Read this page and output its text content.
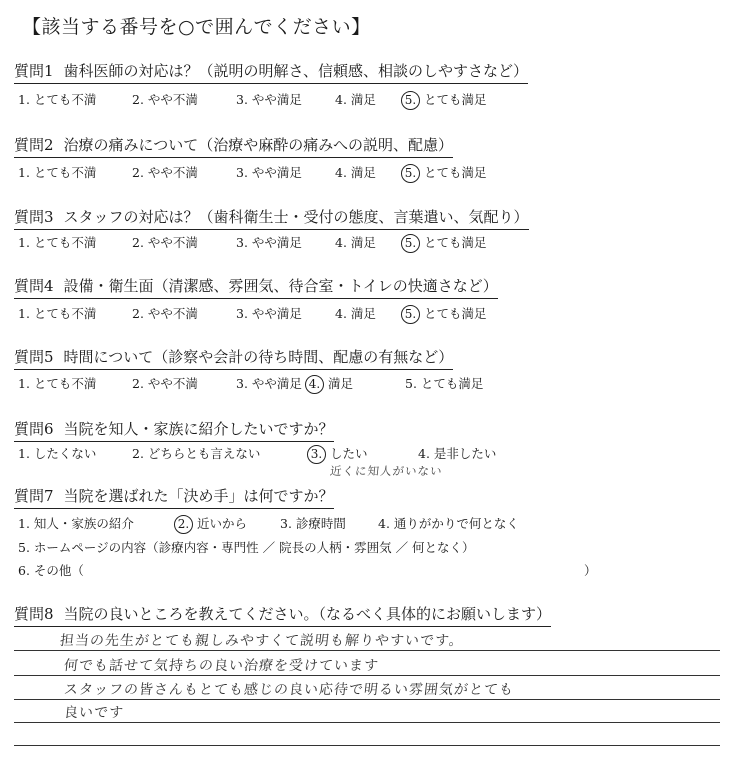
【該当する番号を○で囲んでください】
質問1 歯科医師の対応は？（説明の明解さ、信頼感、相談のしやすさなど）
1. とても不満	2. やや不満	3. やや満足	4. 満足 5. とても満足
質問2 治療の痛みについて（治療や麻酔の痛みへの説明、配慮）
1. とても不満	2. やや不満	3. やや満足	4. 満足 5. とても満足
質問3 スタッフの対応は？（歯科衛生士・受付の態度、言葉遣い、気配り）
1. とても不満	2. やや不満	3. やや満足	4. 満足 5. とても満足
質問4 設備・衛生面（清潔感、雰囲気、待合室・トイレの快適さなど）
1. とても不満	2. やや不満	3. やや満足	4. 満足 5. とても満足
質問5 時間について（診察や会計の待ち時間、配慮の有無など）
1. とても不満	2. やや不満	3. やや満足 4. 満足	5. とても満足
質問6 当院を知人・家族に紹介したいですか？
1. したくない	2. どちらとも言えない	3. したい	4. 是非したい
近くに知人がいない
質問7 当院を選ばれた「決め手」は何ですか？
1. 知人・家族の紹介	2. 近いから	3. 診療時間	4. 通りがかりで何となく
5. ホームページの内容（診療内容・専門性 ／ 院長の人柄・雰囲気 ／ 何となく）
6. その他（	）
質問8 当院の良いところを教えてください。（なるべく具体的にお願いします）
担当の先生がとても親しみやすくて説明も解りやすいです。
何でも話せて気持ちの良い治療を受けています
スタッフの皆さんもとても感じの良い応待で明るい雰囲気がとても
良いです
